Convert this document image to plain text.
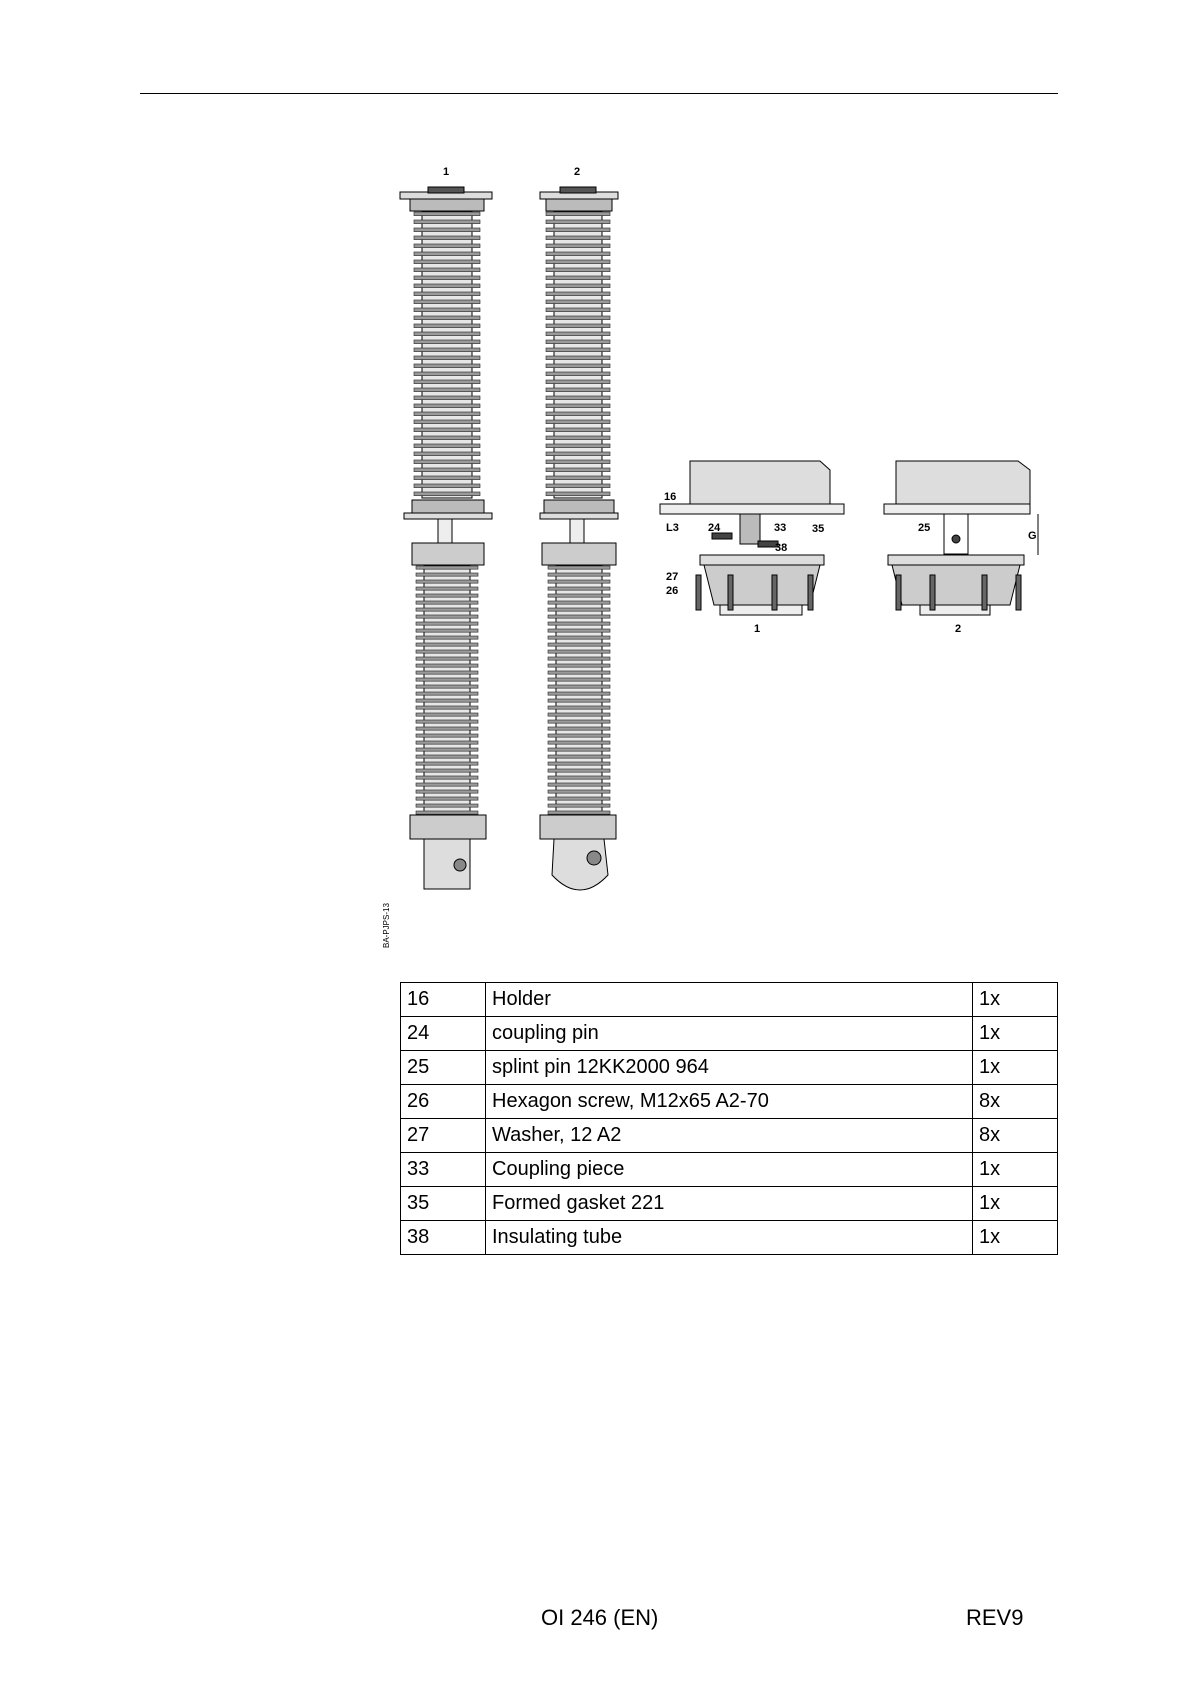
1	2
16
L3	24	33 35
38
27
26
25
G
1	2
BA-PJPS-13
16	Holder	1x
24	coupling pin	1x
25	splint pin 12KK2000 964	1x
26	Hexagon screw, M12x65 A2-70	8x
27	Washer, 12 A2	8x
33	Coupling piece	1x
35	Formed gasket 221	1x
38	Insulating tube	1x
OI 246 (EN)	REV9
